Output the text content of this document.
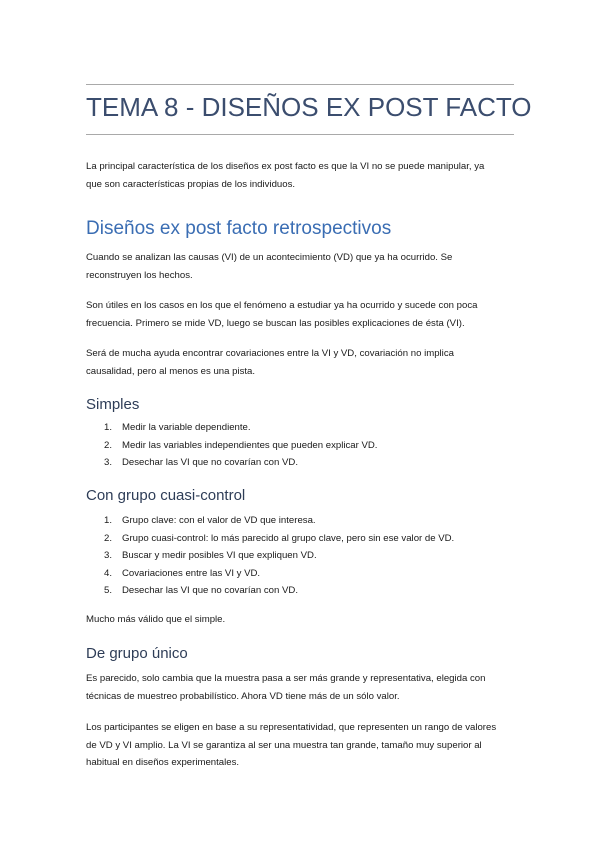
TEMA 8 - DISEÑOS EX POST FACTO
La principal característica de los diseños ex post facto es que la VI no se puede manipular, ya
que son características propias de los individuos.
Diseños ex post facto retrospectivos
Cuando se analizan las causas (VI) de un acontecimiento (VD) que ya ha ocurrido. Se
reconstruyen los hechos.
Son útiles en los casos en los que el fenómeno a estudiar ya ha ocurrido y sucede con poca
frecuencia. Primero se mide VD, luego se buscan las posibles explicaciones de ésta (VI).
Será de mucha ayuda encontrar covariaciones entre la VI y VD, covariación no implica
causalidad, pero al menos es una pista.
Simples
1. Medir la variable dependiente.
2. Medir las variables independientes que pueden explicar VD.
3. Desechar las VI que no covarían con VD.
Con grupo cuasi-control
1. Grupo clave: con el valor de VD que interesa.
2. Grupo cuasi-control: lo más parecido al grupo clave, pero sin ese valor de VD.
3. Buscar y medir posibles VI que expliquen VD.
4. Covariaciones entre las VI y VD.
5. Desechar las VI que no covarían con VD.
Mucho más válido que el simple.
De grupo único
Es parecido, solo cambia que la muestra pasa a ser más grande y representativa, elegida con
técnicas de muestreo probabilístico. Ahora VD tiene más de un sólo valor.
Los participantes se eligen en base a su representatividad, que representen un rango de valores
de VD y VI amplio. La VI se garantiza al ser una muestra tan grande, tamaño muy superior al
habitual en diseños experimentales.
